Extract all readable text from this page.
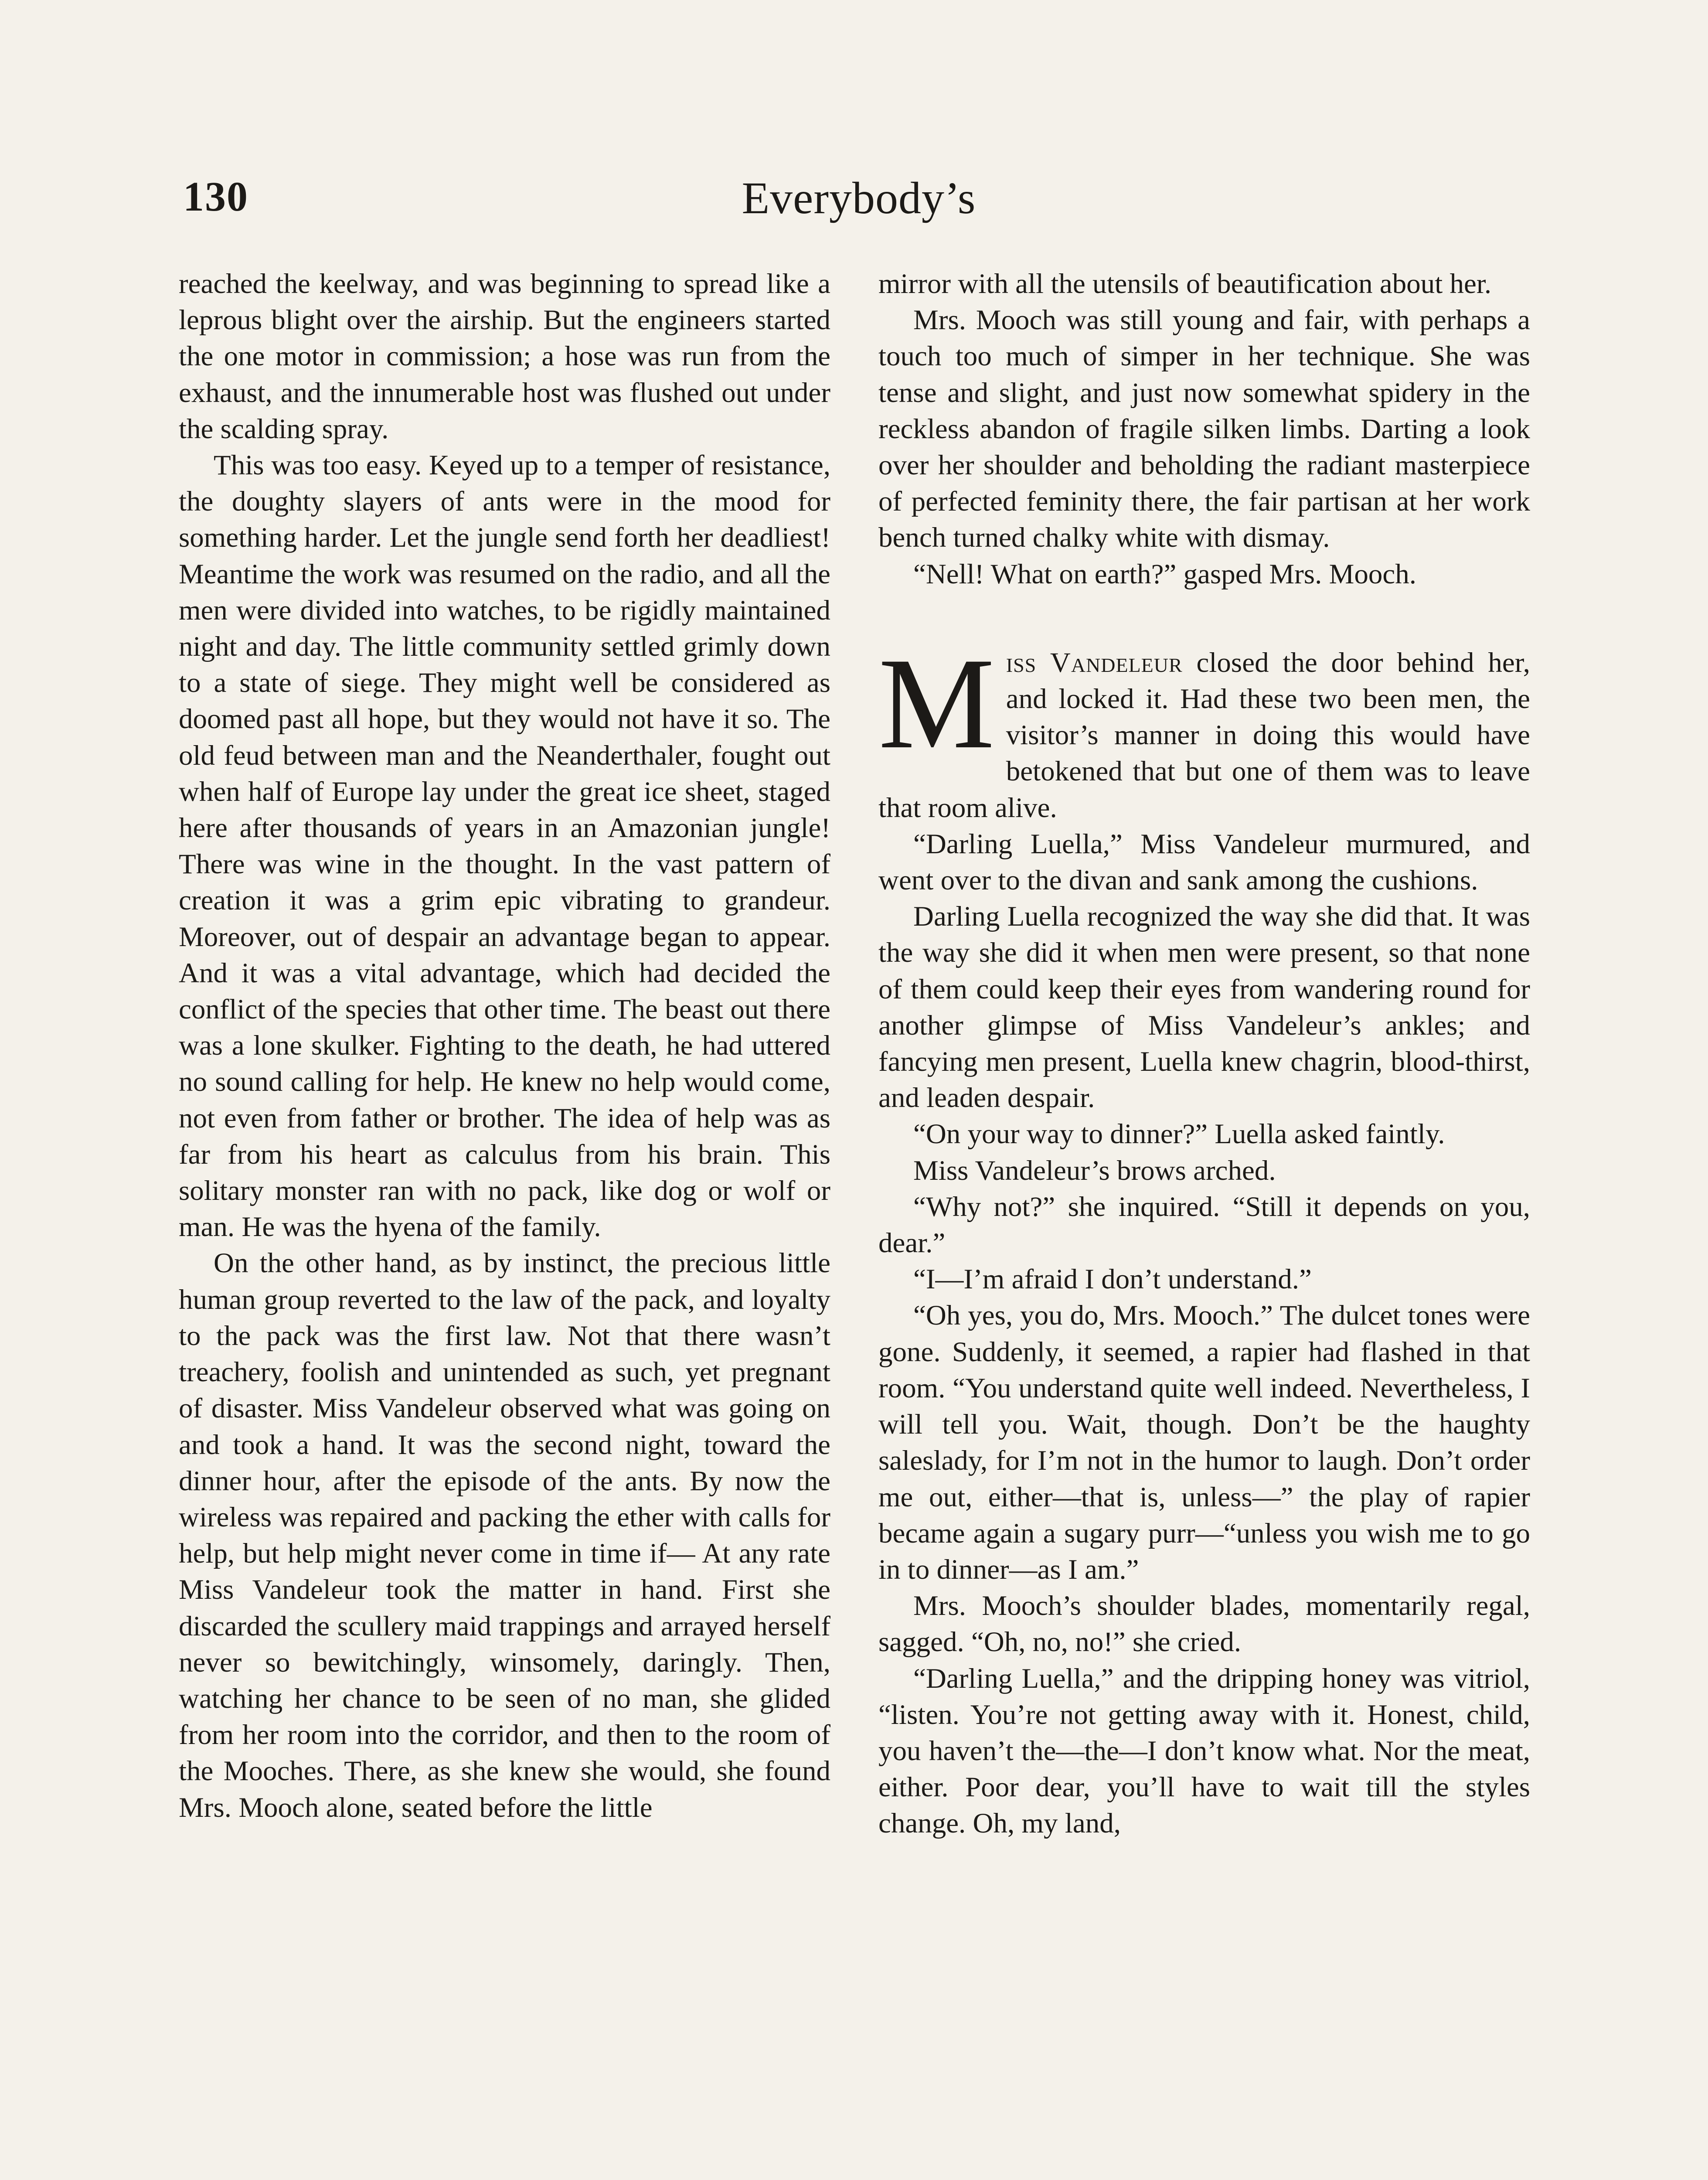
130	Everybody’s

reached the keelway, and was beginning to spread like a leprous blight over the airship. But the engineers started the one motor in commission; a hose was run from the exhaust, and the innumerable host was flushed out under the scalding spray.

This was too easy. Keyed up to a temper of resistance, the doughty slayers of ants were in the mood for something harder. Let the jungle send forth her deadliest! Meantime the work was resumed on the radio, and all the men were divided into watches, to be rigidly maintained night and day. The little community settled grimly down to a state of siege. They might well be considered as doomed past all hope, but they would not have it so. The old feud between man and the Neanderthaler, fought out when half of Europe lay under the great ice sheet, staged here after thousands of years in an Amazonian jungle! There was wine in the thought. In the vast pattern of creation it was a grim epic vibrating to grandeur. Moreover, out of despair an advantage began to appear. And it was a vital advantage, which had decided the conflict of the species that other time. The beast out there was a lone skulker. Fighting to the death, he had uttered no sound calling for help. He knew no help would come, not even from father or brother. The idea of help was as far from his heart as calculus from his brain. This solitary monster ran with no pack, like dog or wolf or man. He was the hyena of the family.

On the other hand, as by instinct, the precious little human group reverted to the law of the pack, and loyalty to the pack was the first law. Not that there wasn’t treachery, foolish and unintended as such, yet pregnant of disaster. Miss Vandeleur observed what was going on and took a hand. It was the second night, toward the dinner hour, after the episode of the ants. By now the wireless was repaired and packing the ether with calls for help, but help might never come in time if— At any rate Miss Vandeleur took the matter in hand. First she discarded the scullery maid trappings and arrayed herself never so bewitchingly, winsomely, daringly. Then, watching her chance to be seen of no man, she glided from her room into the corridor, and then to the room of the Mooches. There, as she knew she would, she found Mrs. Mooch alone, seated before the little

mirror with all the utensils of beautification about her.

Mrs. Mooch was still young and fair, with perhaps a touch too much of simper in her technique. She was tense and slight, and just now somewhat spidery in the reckless abandon of fragile silken limbs. Darting a look over her shoulder and beholding the radiant masterpiece of perfected feminity there, the fair partisan at her work bench turned chalky white with dismay.

“Nell! What on earth?” gasped Mrs. Mooch.

Miss Vandeleur closed the door behind her, and locked it. Had these two been men, the visitor’s manner in doing this would have betokened that but one of them was to leave that room alive.

“Darling Luella,” Miss Vandeleur murmured, and went over to the divan and sank among the cushions.

Darling Luella recognized the way she did that. It was the way she did it when men were present, so that none of them could keep their eyes from wandering round for another glimpse of Miss Vandeleur’s ankles; and fancying men present, Luella knew chagrin, blood-thirst, and leaden despair.

“On your way to dinner?” Luella asked faintly.

Miss Vandeleur’s brows arched.

“Why not?” she inquired. “Still it depends on you, dear.”

“I—I’m afraid I don’t understand.”

“Oh yes, you do, Mrs. Mooch.” The dulcet tones were gone. Suddenly, it seemed, a rapier had flashed in that room. “You understand quite well indeed. Nevertheless, I will tell you. Wait, though. Don’t be the haughty saleslady, for I’m not in the humor to laugh. Don’t order me out, either—that is, unless—” the play of rapier became again a sugary purr—“unless you wish me to go in to dinner—as I am.”

Mrs. Mooch’s shoulder blades, momentarily regal, sagged. “Oh, no, no!” she cried.

“Darling Luella,” and the dripping honey was vitriol, “listen. You’re not getting away with it. Honest, child, you haven’t the—the—I don’t know what. Nor the meat, either. Poor dear, you’ll have to wait till the styles change. Oh, my land,
